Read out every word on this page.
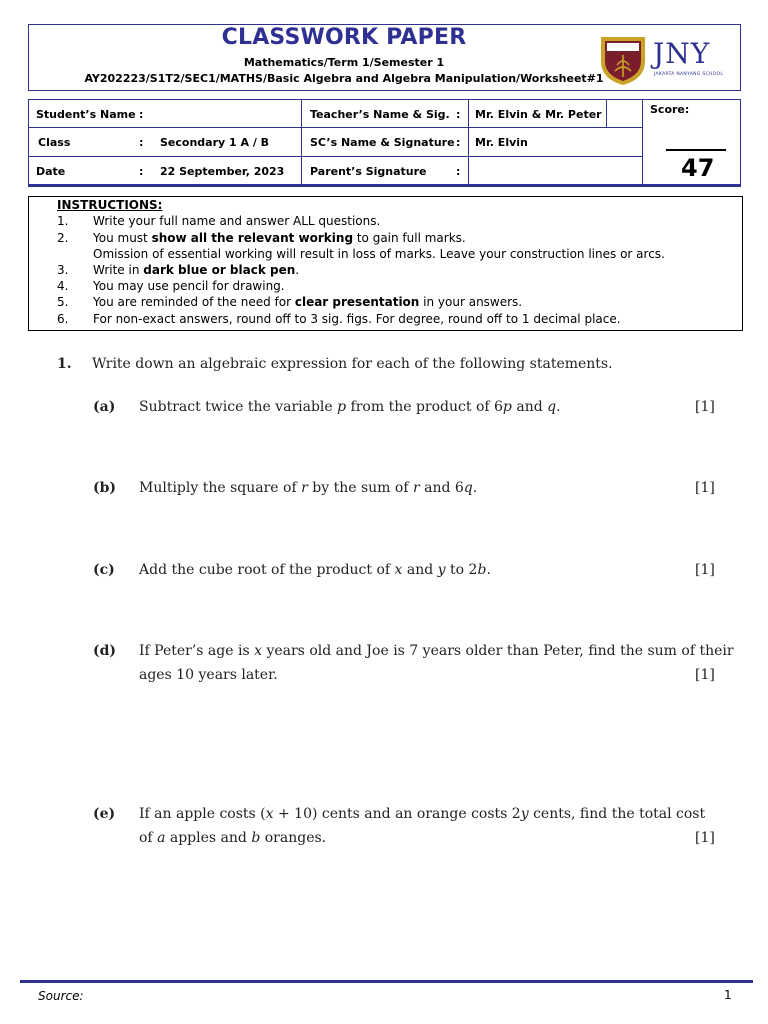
CLASSWORK PAPER
Mathematics/Term 1/Semester 1
AY202223/S1T2/SEC1/MATHS/Basic Algebra and Algebra Manipulation/Worksheet#1
JNY
JAKARTA NANYANG SCHOOL
Student’s Name :
Class	: Secondary 1 A / B
Date	: 22 September, 2023
Teacher’s Name & Sig. : Mr. Elvin & Mr. Peter
SC’s Name & Signature : Mr. Elvin
Parent’s Signature	:
Score:
47
INSTRUCTIONS:
1. Write your full name and answer ALL questions.
2. You must show all the relevant working to gain full marks.
Omission of essential working will result in loss of marks. Leave your construction lines or arcs.
3. Write in dark blue or black pen.
4. You may use pencil for drawing.
5. You are reminded of the need for clear presentation in your answers.
6. For non-exact answers, round off to 3 sig. figs. For degree, round off to 1 decimal place.
1. Write down an algebraic expression for each of the following statements.
(a) Subtract twice the variable p from the product of 6p and q.	[1]
(b) Multiply the square of r by the sum of r and 6q.	[1]
(c) Add the cube root of the product of x and y to 2b.	[1]
(d) If Peter’s age is x years old and Joe is 7 years older than Peter, find the sum of their
ages 10 years later.	[1]
(e) If an apple costs (x + 10) cents and an orange costs 2y cents, find the total cost
of a apples and b oranges.	[1]
Source:	1
